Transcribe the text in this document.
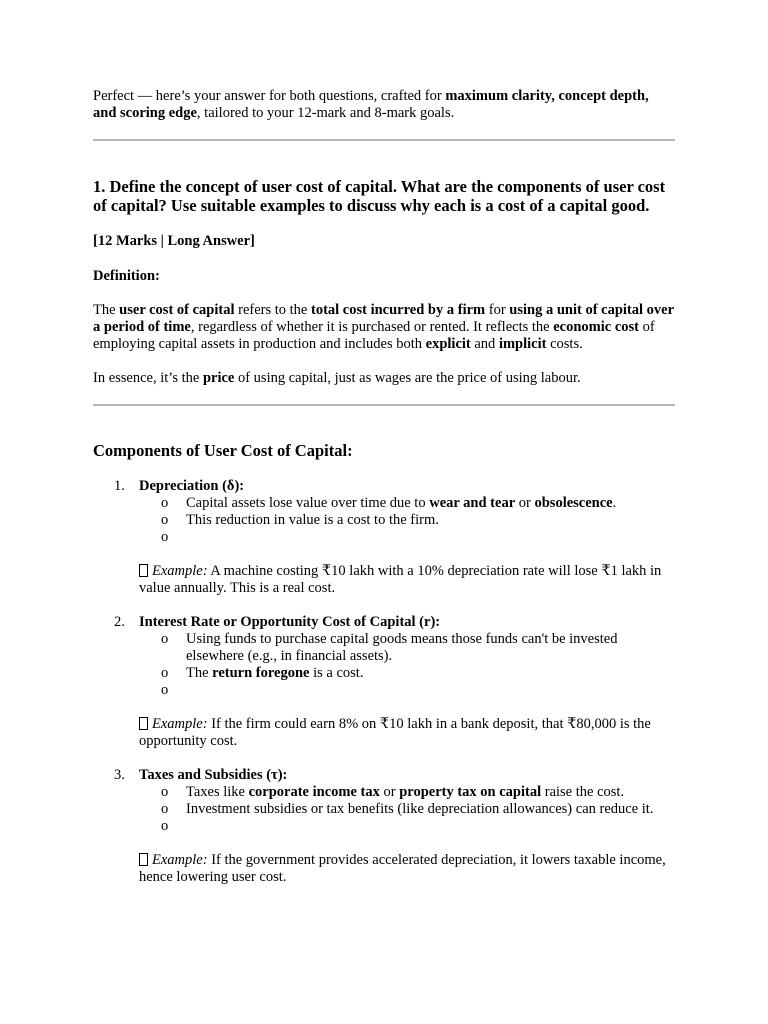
Perfect — here’s your answer for both questions, crafted for maximum clarity, concept depth, and scoring edge, tailored to your 12-mark and 8-mark goals.

1. Define the concept of user cost of capital. What are the components of user cost of capital? Use suitable examples to discuss why each is a cost of a capital good.

[12 Marks | Long Answer]

Definition:

The user cost of capital refers to the total cost incurred by a firm for using a unit of capital over a period of time, regardless of whether it is purchased or rented. It reflects the economic cost of employing capital assets in production and includes both explicit and implicit costs.

In essence, it’s the price of using capital, just as wages are the price of using labour.

Components of User Cost of Capital:

1. Depreciation (δ):
o Capital assets lose value over time due to wear and tear or obsolescence.
o This reduction in value is a cost to the firm.
o

Example: A machine costing ₹10 lakh with a 10% depreciation rate will lose ₹1 lakh in value annually. This is a real cost.

2. Interest Rate or Opportunity Cost of Capital (r):
o Using funds to purchase capital goods means those funds can't be invested elsewhere (e.g., in financial assets).
o The return foregone is a cost.
o

Example: If the firm could earn 8% on ₹10 lakh in a bank deposit, that ₹80,000 is the opportunity cost.

3. Taxes and Subsidies (τ):
o Taxes like corporate income tax or property tax on capital raise the cost.
o Investment subsidies or tax benefits (like depreciation allowances) can reduce it.
o

Example: If the government provides accelerated depreciation, it lowers taxable income, hence lowering user cost.
